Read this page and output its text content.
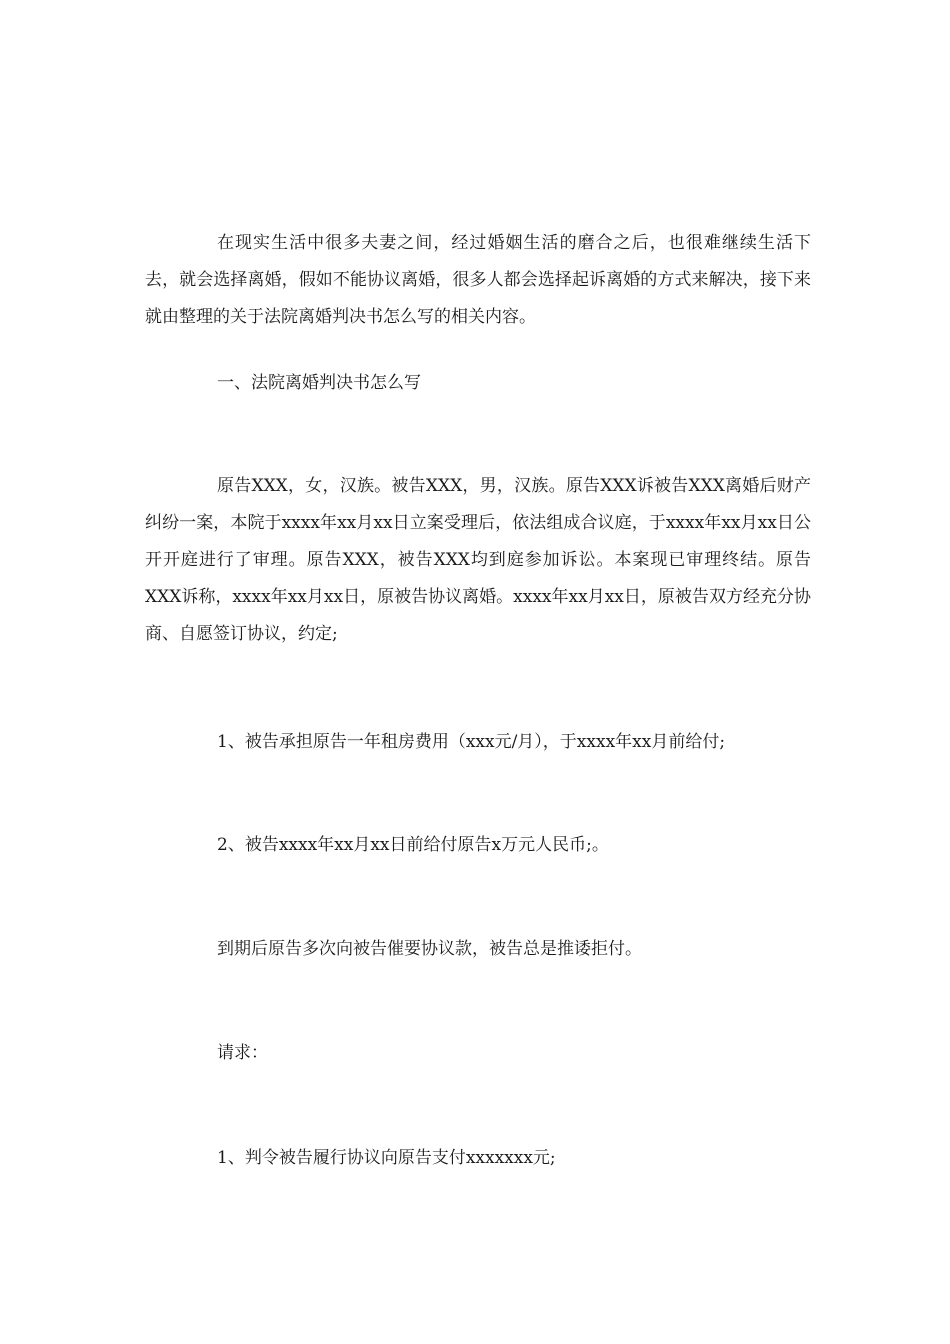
在现实生活中很多夫妻之间，经过婚姻生活的磨合之后，也很难继续生活下去，就会选择离婚，假如不能协议离婚，很多人都会选择起诉离婚的方式来解决，接下来就由整理的关于法院离婚判决书怎么写的相关内容。

一、法院离婚判决书怎么写

原告XXX，女，汉族。被告XXX，男，汉族。原告XXX诉被告XXX离婚后财产纠纷一案，本院于xxxx年xx月xx日立案受理后，依法组成合议庭，于xxxx年xx月xx日公开开庭进行了审理。原告XXX，被告XXX均到庭参加诉讼。本案现已审理终结。原告XXX诉称，xxxx年xx月xx日，原被告协议离婚。xxxx年xx月xx日，原被告双方经充分协商、自愿签订协议，约定;

1、被告承担原告一年租房费用（xxx元/月），于xxxx年xx月前给付;

2、被告xxxx年xx月xx日前给付原告x万元人民币;。

到期后原告多次向被告催要协议款，被告总是推诿拒付。

请求：

1、判令被告履行协议向原告支付xxxxxxx元;
